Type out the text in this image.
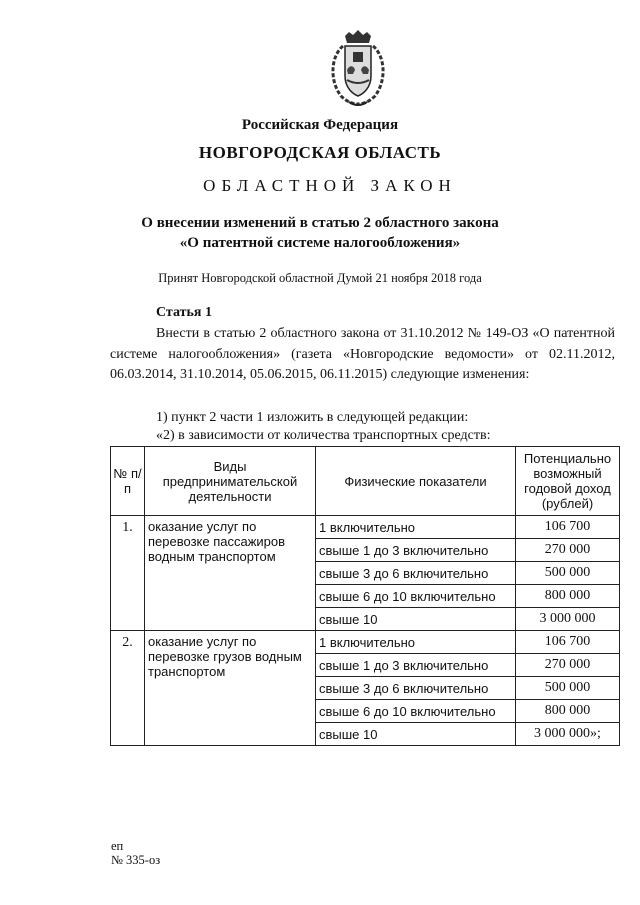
Российская Федерация
НОВГОРОДСКАЯ ОБЛАСТЬ
ОБЛАСТНОЙ ЗАКОН
О внесении изменений в статью 2 областного закона
«О патентной системе налогообложения»
Принят Новгородской областной Думой 21 ноября 2018 года
Статья 1
Внести в статью 2 областного закона от 31.10.2012 № 149-ОЗ «О патентной системе налогообложения» (газета «Новгородские ведомости» от 02.11.2012, 06.03.2014, 31.10.2014, 05.06.2015, 06.11.2015) следующие изменения:
1) пункт 2 части 1 изложить в следующей редакции:
«2) в зависимости от количества транспортных средств:
№ п/п	Виды предпринимательской деятельности	Физические показатели	Потенциально возможный годовой доход (рублей)
1.	оказание услуг по перевозке пассажиров водным транспортом	1 включительно	106 700
		свыше 1 до 3 включительно	270 000
		свыше 3 до 6 включительно	500 000
		свыше 6 до 10 включительно	800 000
		свыше 10	3 000 000
2.	оказание услуг по перевозке грузов водным транспортом	1 включительно	106 700
		свыше 1 до 3 включительно	270 000
		свыше 3 до 6 включительно	500 000
		свыше 6 до 10 включительно	800 000
		свыше 10	3 000 000»;
еп
№ 335-оз
